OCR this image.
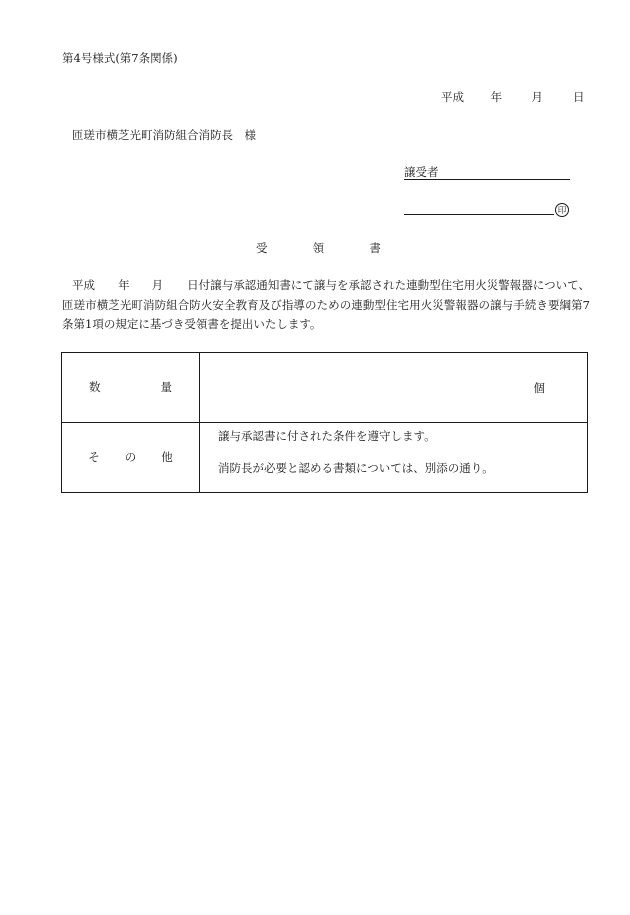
第4号様式(第7条関係)
平成 年	月	日
匝瑳市横芝光町消防組合消防長　様
譲受者
印
受	領	書
平成 年 月 日付譲与承認通知書にて譲与を承認された連動型住宅用火災警報器について、匝瑳市横芝光町消防組合防火安全教育及び指導のための連動型住宅用火災警報器の譲与手続き要綱第7条第1項の規定に基づき受領書を提出いたします。
数 量	個

そ の 他	譲与承認書に付された条件を遵守します。
消防長が必要と認める書類については、別添の通り。
